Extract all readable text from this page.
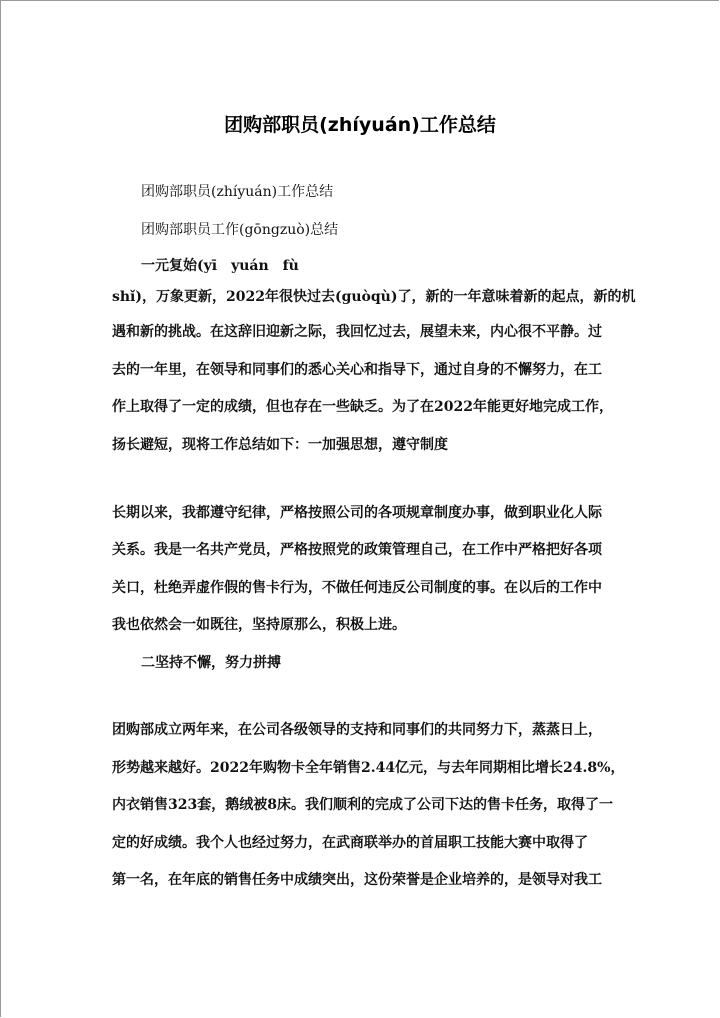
团购部职员(zhíyuán)工作总结
团购部职员(zhíyuán)工作总结
团购部职员工作(gōngzuò)总结
一元复始(yī　yuán　fù
shǐ)，万象更新，2022年很快过去(guòqù)了，新的一年意味着新的起点，新的机
遇和新的挑战。在这辞旧迎新之际，我回忆过去，展望未来，内心很不平静。过
去的一年里，在领导和同事们的悉心关心和指导下，通过自身的不懈努力，在工
作上取得了一定的成绩，但也存在一些缺乏。为了在2022年能更好地完成工作，
扬长避短，现将工作总结如下：一加强思想，遵守制度
长期以来，我都遵守纪律，严格按照公司的各项规章制度办事，做到职业化人际
关系。我是一名共产党员，严格按照党的政策管理自己，在工作中严格把好各项
关口，杜绝弄虚作假的售卡行为，不做任何违反公司制度的事。在以后的工作中
我也依然会一如既往，坚持原那么，积极上进。
二坚持不懈，努力拼搏
团购部成立两年来，在公司各级领导的支持和同事们的共同努力下，蒸蒸日上，
形势越来越好。2022年购物卡全年销售2.44亿元，与去年同期相比增长24.8%，
内衣销售323套，鹅绒被8床。我们顺利的完成了公司下达的售卡任务，取得了一
定的好成绩。我个人也经过努力，在武商联举办的首届职工技能大赛中取得了
第一名，在年底的销售任务中成绩突出，这份荣誉是企业培养的，是领导对我工
